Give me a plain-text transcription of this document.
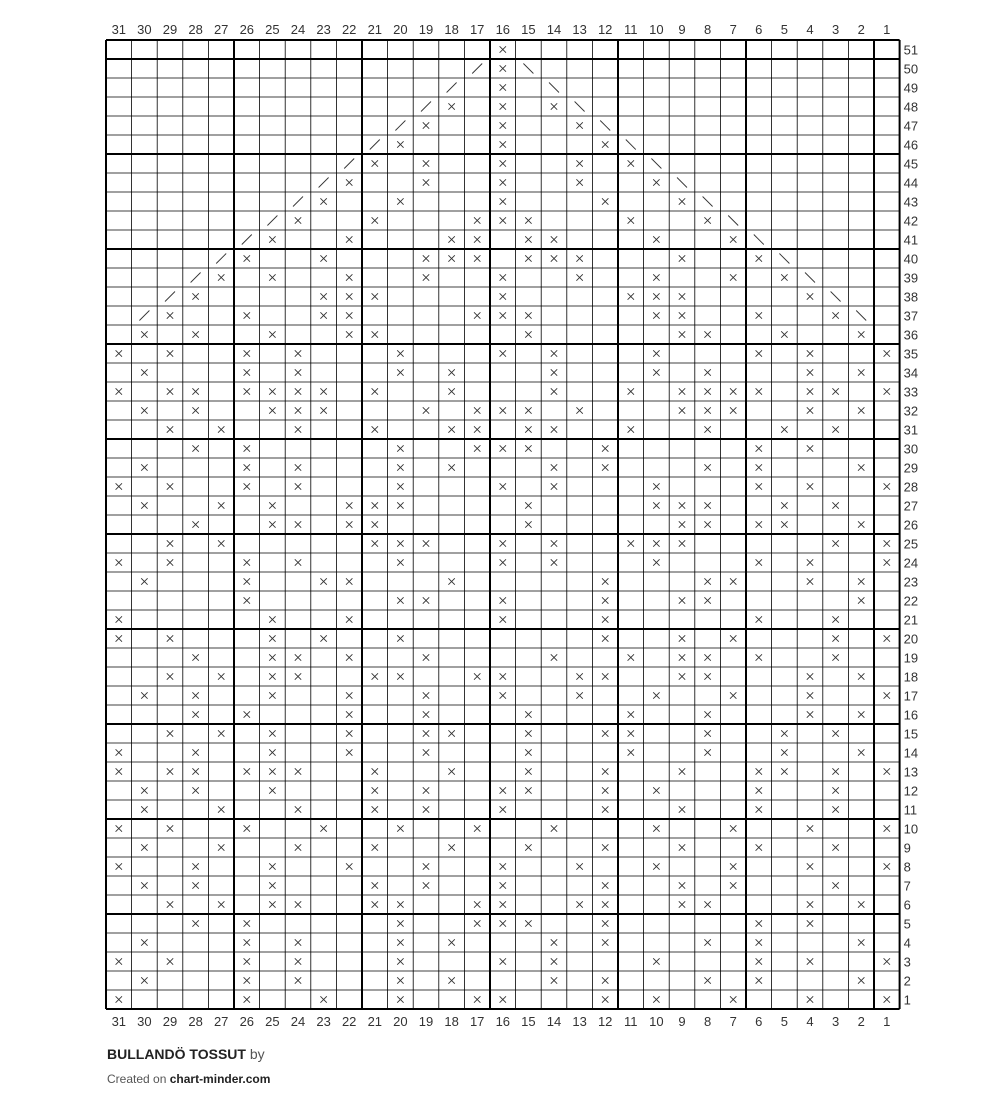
31
31
30
30
29
29
28
28
27
27
26
26
25
25
24
24
23
23
22
22
21
21
20
20
19
19
18
18
17
17
16
16
15
15
14
14
13
13
12
12
11
11
10
10
9
9
8
8
7
7
6
6
5
5
4
4
3
3
2
2
1
1
51
50
49
48
47
46
45
44
43
42
41
40
39
38
37
36
35
34
33
32
31
30
29
28
27
26
25
24
23
22
21
20
19
18
17
16
15
14
13
12
11
10
9
8
7
6
5
4
3
2
1
BULLANDÖ TOSSUT by
Created on chart-minder.com
